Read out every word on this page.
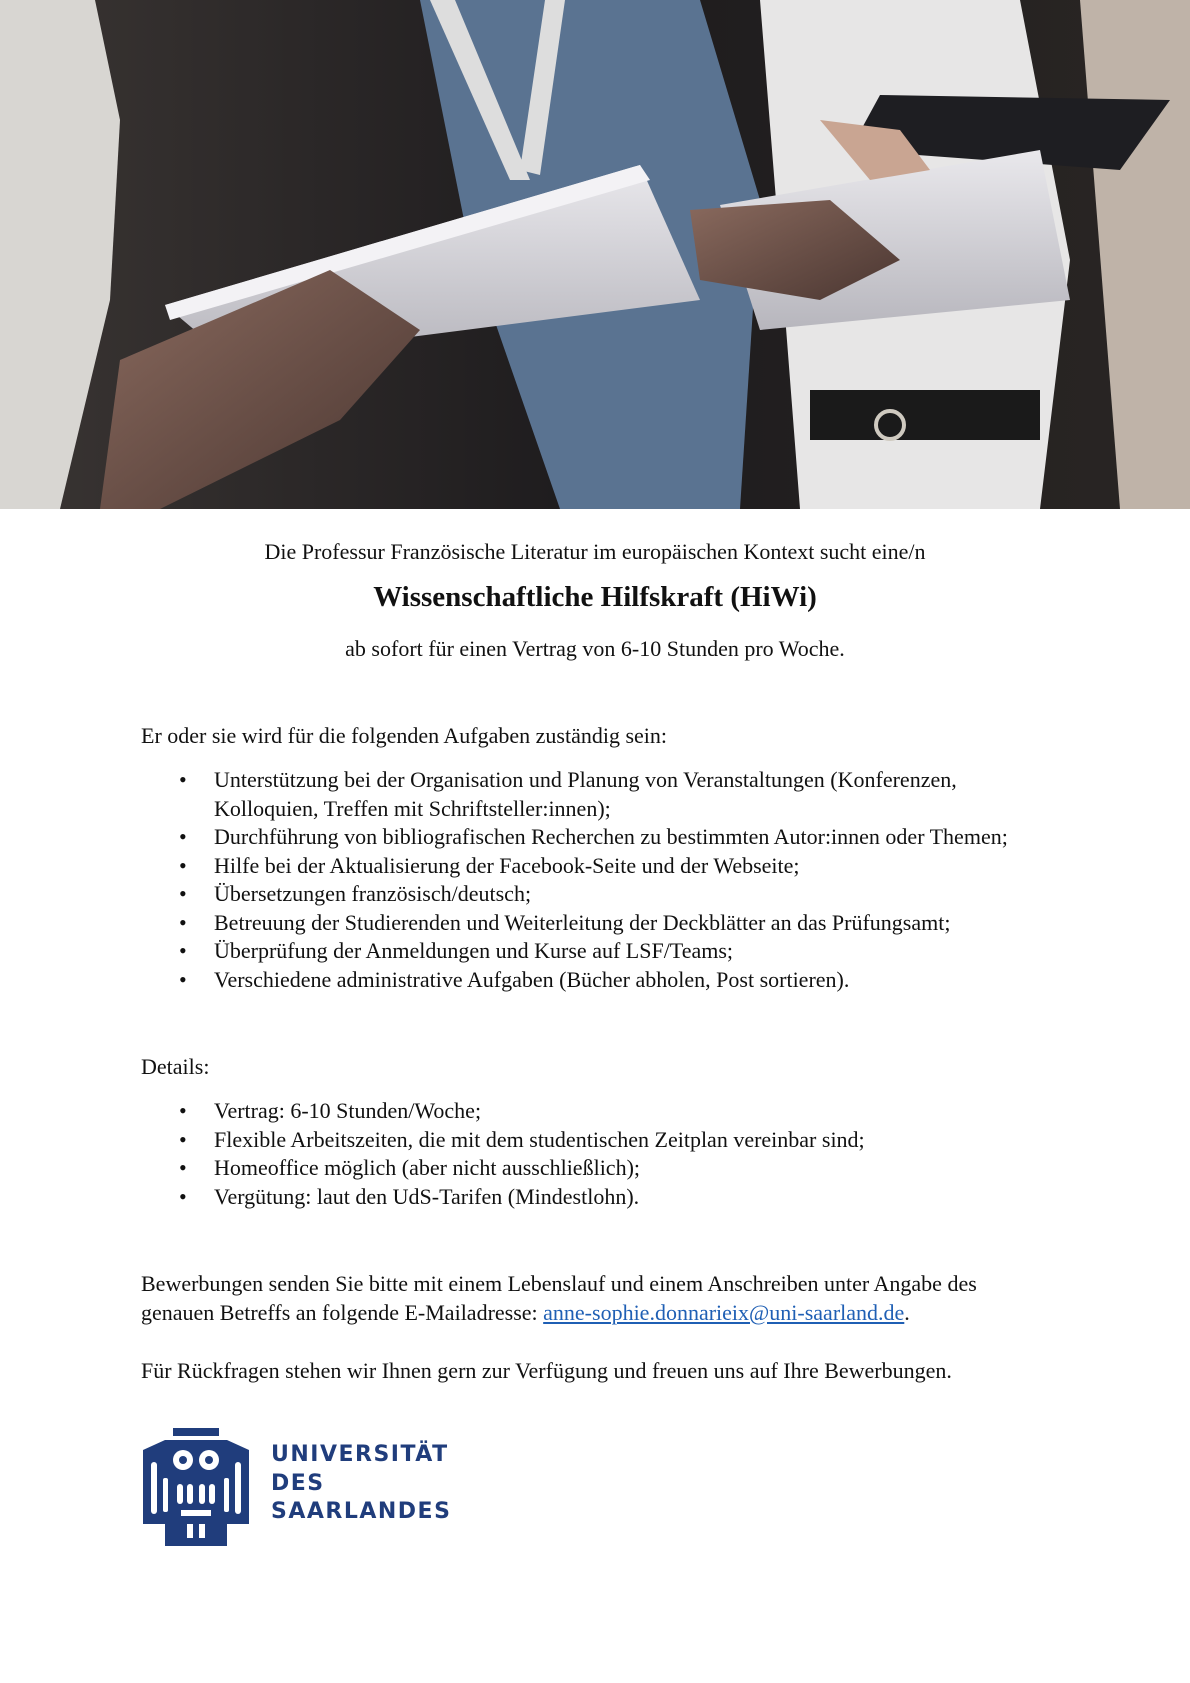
Die Professur Französische Literatur im europäischen Kontext sucht eine/n
Wissenschaftliche Hilfskraft (HiWi)
ab sofort für einen Vertrag von 6-10 Stunden pro Woche.
Er oder sie wird für die folgenden Aufgaben zuständig sein:
• Unterstützung bei der Organisation und Planung von Veranstaltungen (Konferenzen, Kolloquien, Treffen mit Schriftsteller:innen);
• Durchführung von bibliografischen Recherchen zu bestimmten Autor:innen oder Themen;
• Hilfe bei der Aktualisierung der Facebook-Seite und der Webseite;
• Übersetzungen französisch/deutsch;
• Betreuung der Studierenden und Weiterleitung der Deckblätter an das Prüfungsamt;
• Überprüfung der Anmeldungen und Kurse auf LSF/Teams;
• Verschiedene administrative Aufgaben (Bücher abholen, Post sortieren).
Details:
• Vertrag: 6-10 Stunden/Woche;
• Flexible Arbeitszeiten, die mit dem studentischen Zeitplan vereinbar sind;
• Homeoffice möglich (aber nicht ausschließlich);
• Vergütung: laut den UdS-Tarifen (Mindestlohn).
Bewerbungen senden Sie bitte mit einem Lebenslauf und einem Anschreiben unter Angabe des genauen Betreffs an folgende E-Mailadresse: anne-sophie.donnarieix@uni-saarland.de.
Für Rückfragen stehen wir Ihnen gern zur Verfügung und freuen uns auf Ihre Bewerbungen.
UNIVERSITÄT
DES
SAARLANDES
